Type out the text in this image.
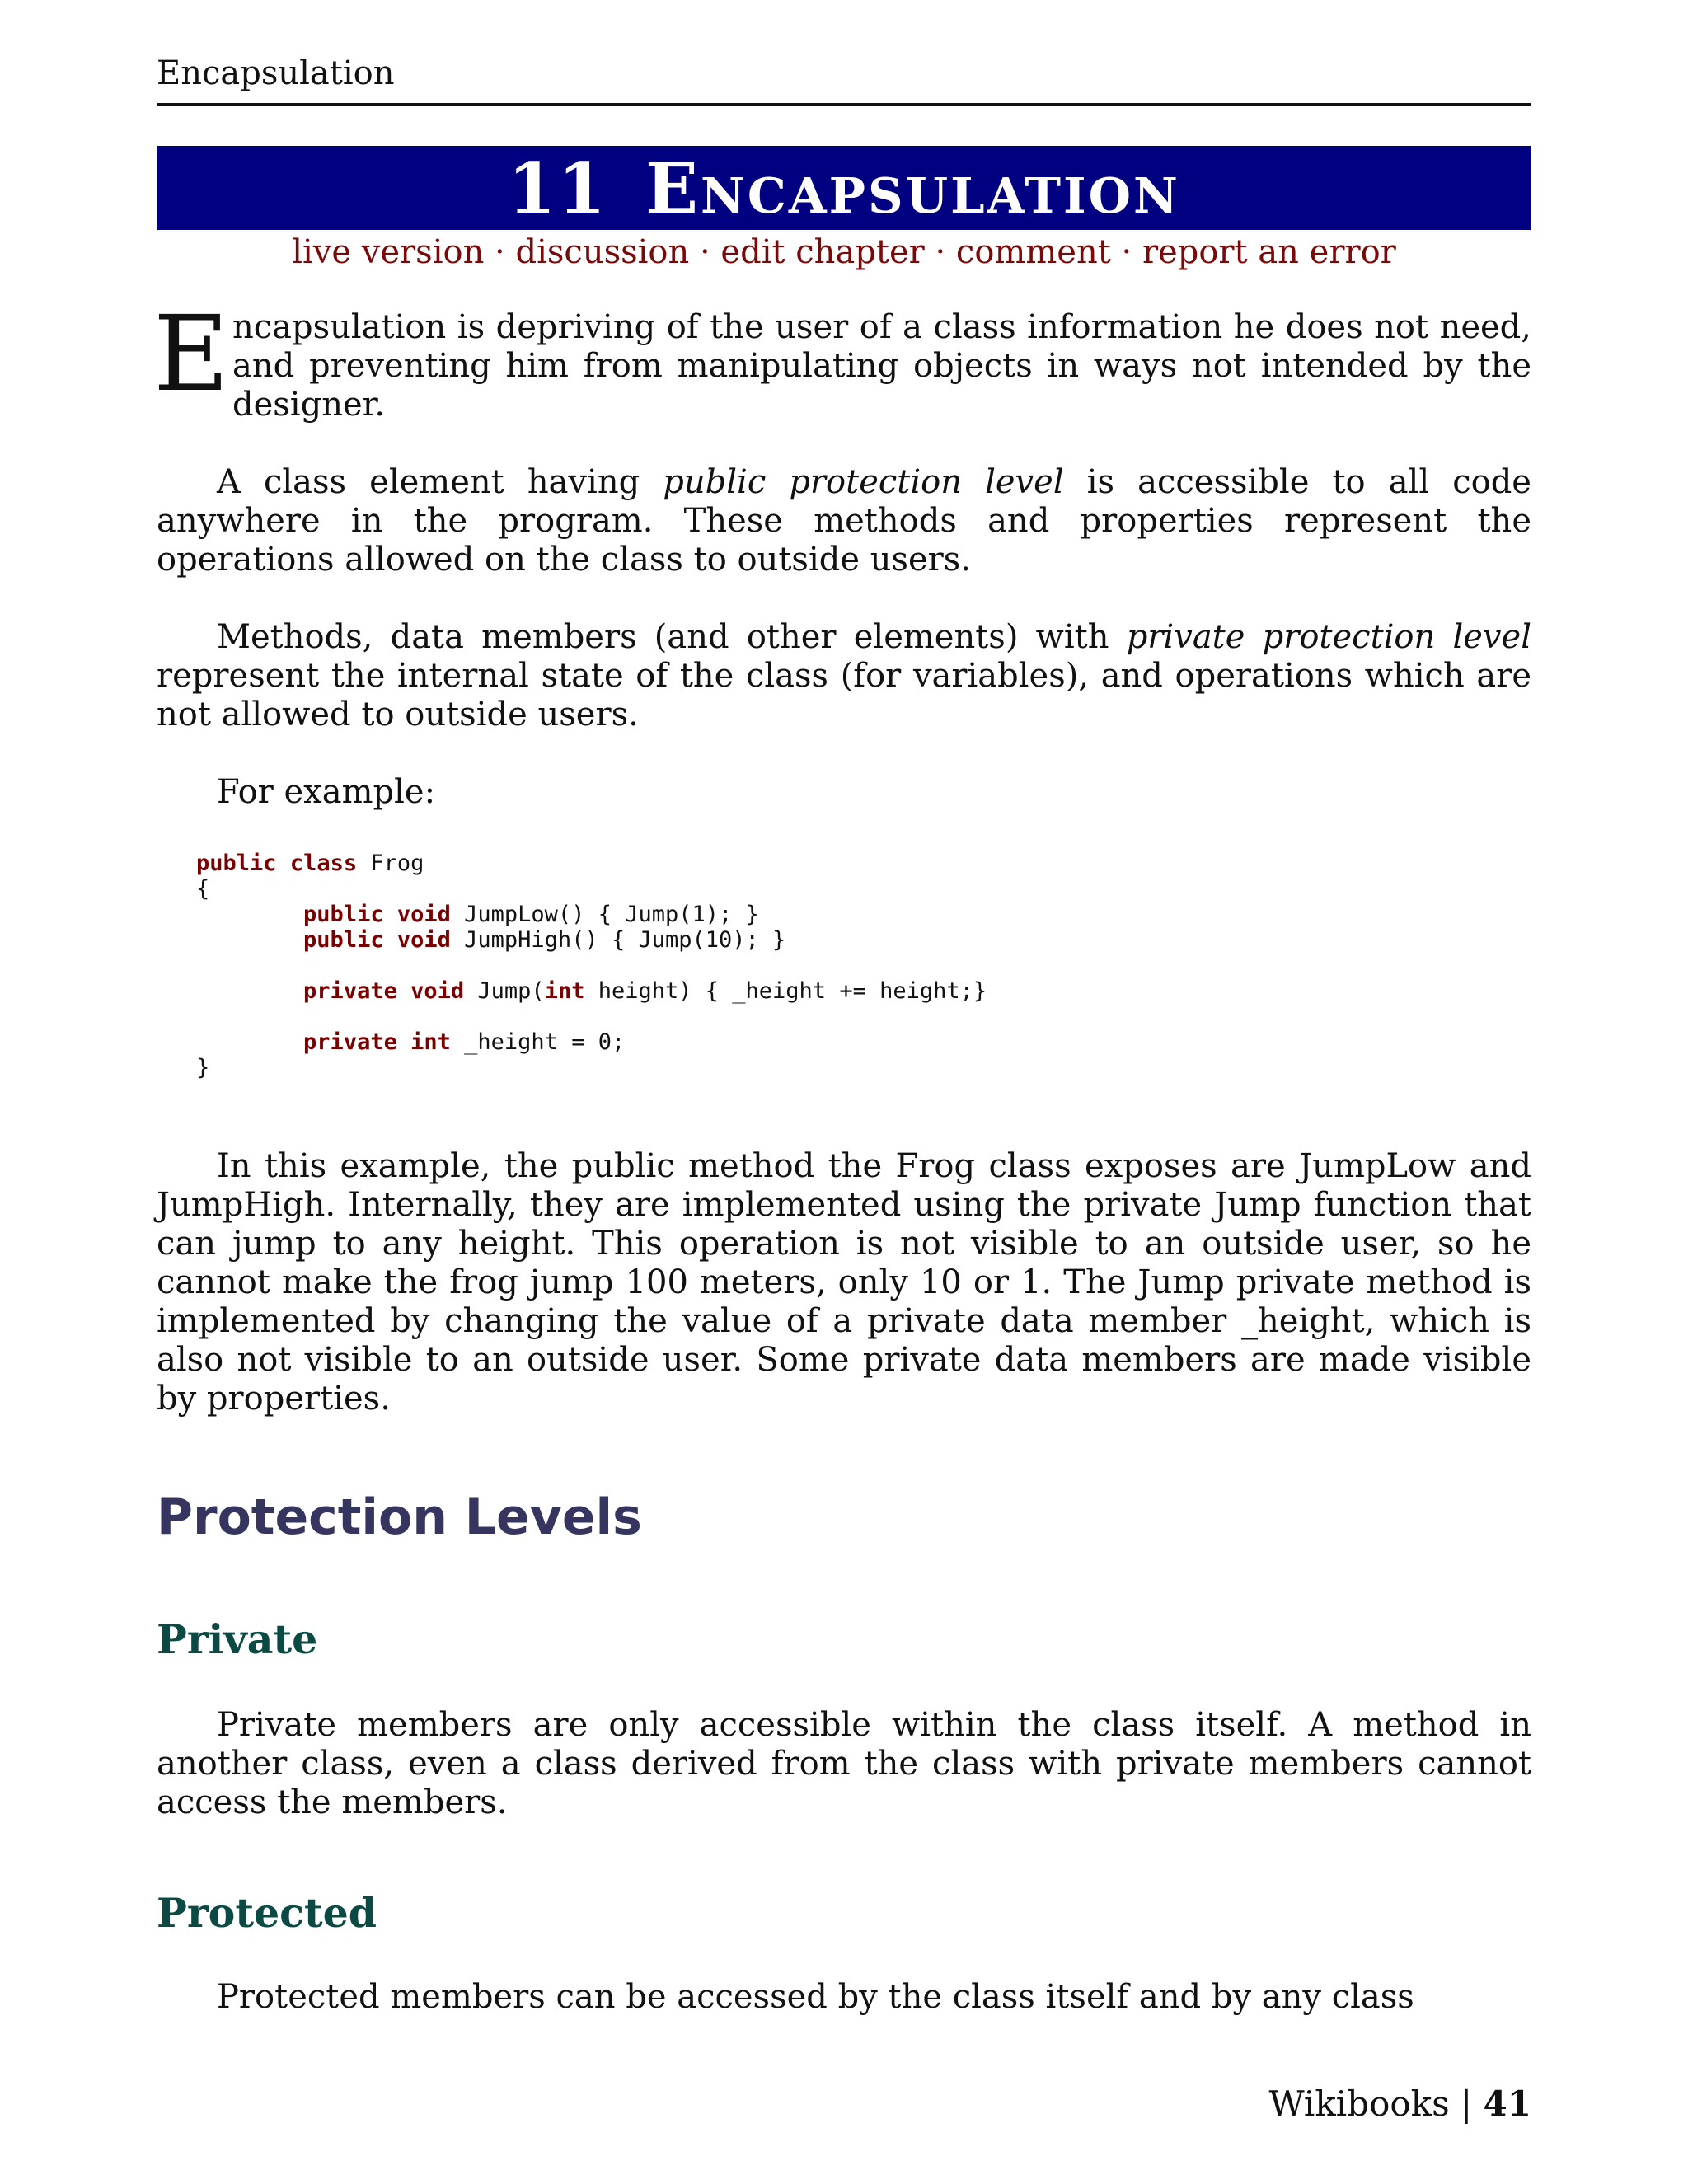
Encapsulation
11 Encapsulation
live version · discussion · edit chapter · comment · report an error
Encapsulation is depriving of the user of a class information he does not need, and preventing him from manipulating objects in ways not intended by the designer.
A class element having public protection level is accessible to all code anywhere in the program. These methods and properties represent the operations allowed on the class to outside users.
Methods, data members (and other elements) with private protection level represent the internal state of the class (for variables), and operations which are not allowed to outside users.
For example:
public class Frog
{
public void JumpLow() { Jump(1); }
public void JumpHigh() { Jump(10); }

private void Jump(int height) { _height += height;}

private int _height = 0;
}
In this example, the public method the Frog class exposes are JumpLow and JumpHigh. Internally, they are implemented using the private Jump function that can jump to any height. This operation is not visible to an outside user, so he cannot make the frog jump 100 meters, only 10 or 1. The Jump private method is implemented by changing the value of a private data member _height, which is also not visible to an outside user. Some private data members are made visible by properties.
Protection Levels
Private
Private members are only accessible within the class itself. A method in another class, even a class derived from the class with private members cannot access the members.
Protected
Protected members can be accessed by the class itself and by any class
Wikibooks | 41
